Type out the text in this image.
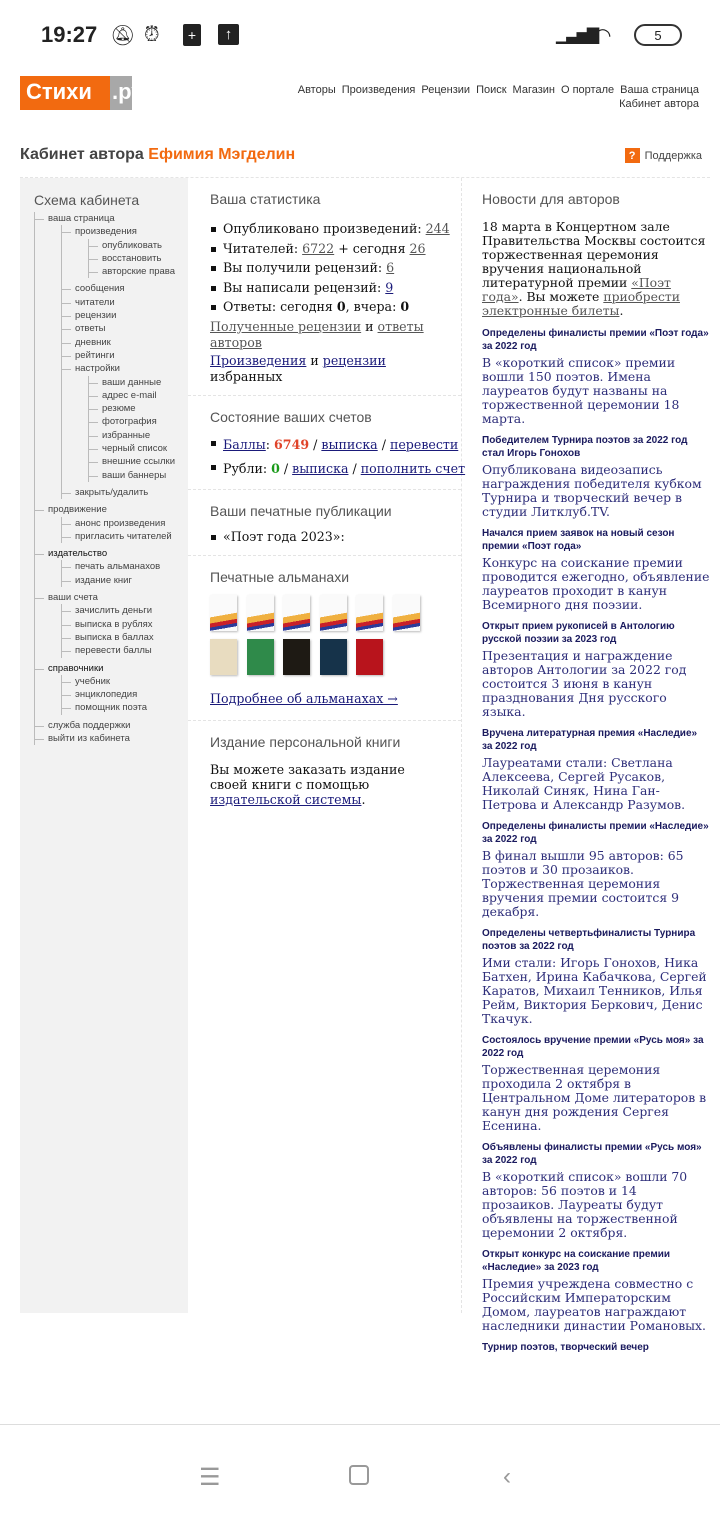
19:27 🔕︎ ⏰︎	+	↑	▁▃▅▇
◠	5
Стихи .ру	Авторы Произведения Рецензии Поиск Магазин О портале Ваша страница
Кабинет автора
Кабинет автора Ефимия Мэгделин	? Поддержка
Схема кабинета
ваша страница
произведения
опубликовать
восстановить
авторские права
сообщения
читатели
рецензии
ответы
дневник
рейтинги
настройки
ваши данные
адрес e-mail
резюме
фотография
избранные
черный список
внешние ссылки
ваши баннеры
закрыть/удалить
продвижение
анонс произведения
пригласить читателей
издательство
печать альманахов
издание книг
ваши счета
зачислить деньги
выписка в рублях
выписка в баллах
перевести баллы
справочники
учебник
энциклопедия
помощник поэта
служба поддержки
выйти из кабинета
Ваша статистика
Опубликовано произведений: 244
Читателей: 6722 + сегодня 26
Вы получили рецензий: 6
Вы написали рецензий: 9
Ответы: сегодня 0, вчера: 0
Полученные рецензии и ответы авторов
Произведения и рецензии
избранных
Состояние ваших счетов
Баллы: 6749 / выписка / перевести
Рубли: 0 / выписка / пополнить счет
Ваши печатные публикации
«Поэт года 2023»:
Печатные альманахи
Подробнее об альманахах →
Издание персональной книги
Вы можете заказать издание своей книги с помощью издательской системы.
Новости для авторов
18 марта в Концертном зале Правительства Москвы состоится торжественная церемония вручения национальной литературной премии «Поэт года». Вы можете приобрести электронные билеты.
Определены финалисты премии «Поэт года» за 2022 год
В «короткий список» премии вошли 150 поэтов. Имена лауреатов будут названы на торжественной церемонии 18 марта.
Победителем Турнира поэтов за 2022 год стал Игорь Гонохов
Опубликована видеозапись награждения победителя кубком Турнира и творческий вечер в студии Литклуб.TV.
Начался прием заявок на новый сезон премии «Поэт года»
Конкурс на соискание премии проводится ежегодно, объявление лауреатов проходит в канун Всемирного дня поэзии.
Открыт прием рукописей в Антологию русской поэзии за 2023 год
Презентация и награждение авторов Антологии за 2022 год состоится 3 июня в канун празднования Дня русского языка.
Вручена литературная премия «Наследие» за 2022 год
Лауреатами стали: Светлана Алексеева, Сергей Русаков, Николай Синяк, Нина Ган-Петрова и Александр Разумов.
Определены финалисты премии «Наследие» за 2022 год
В финал вышли 95 авторов: 65 поэтов и 30 прозаиков. Торжественная церемония вручения премии состоится 9 декабря.
Определены четвертьфиналисты Турнира поэтов за 2022 год
Ими стали: Игорь Гонохов, Ника Батхен, Ирина Кабачкова, Сергей Каратов, Михаил Тенников, Илья Рейм, Виктория Беркович, Денис Ткачук.
Состоялось вручение премии «Русь моя» за 2022 год
Торжественная церемония проходила 2 октября в Центральном Доме литераторов в канун дня рождения Сергея Есенина.
Объявлены финалисты премии «Русь моя» за 2022 год
В «короткий список» вошли 70 авторов: 56 поэтов и 14 прозаиков. Лауреаты будут объявлены на торжественной церемонии 2 октября.
Открыт конкурс на соискание премии «Наследие» за 2023 год
Премия учреждена совместно с Российским Императорским Домом, лауреатов награждают наследники династии Романовых.
Турнир поэтов, творческий вечер
☰	‹
